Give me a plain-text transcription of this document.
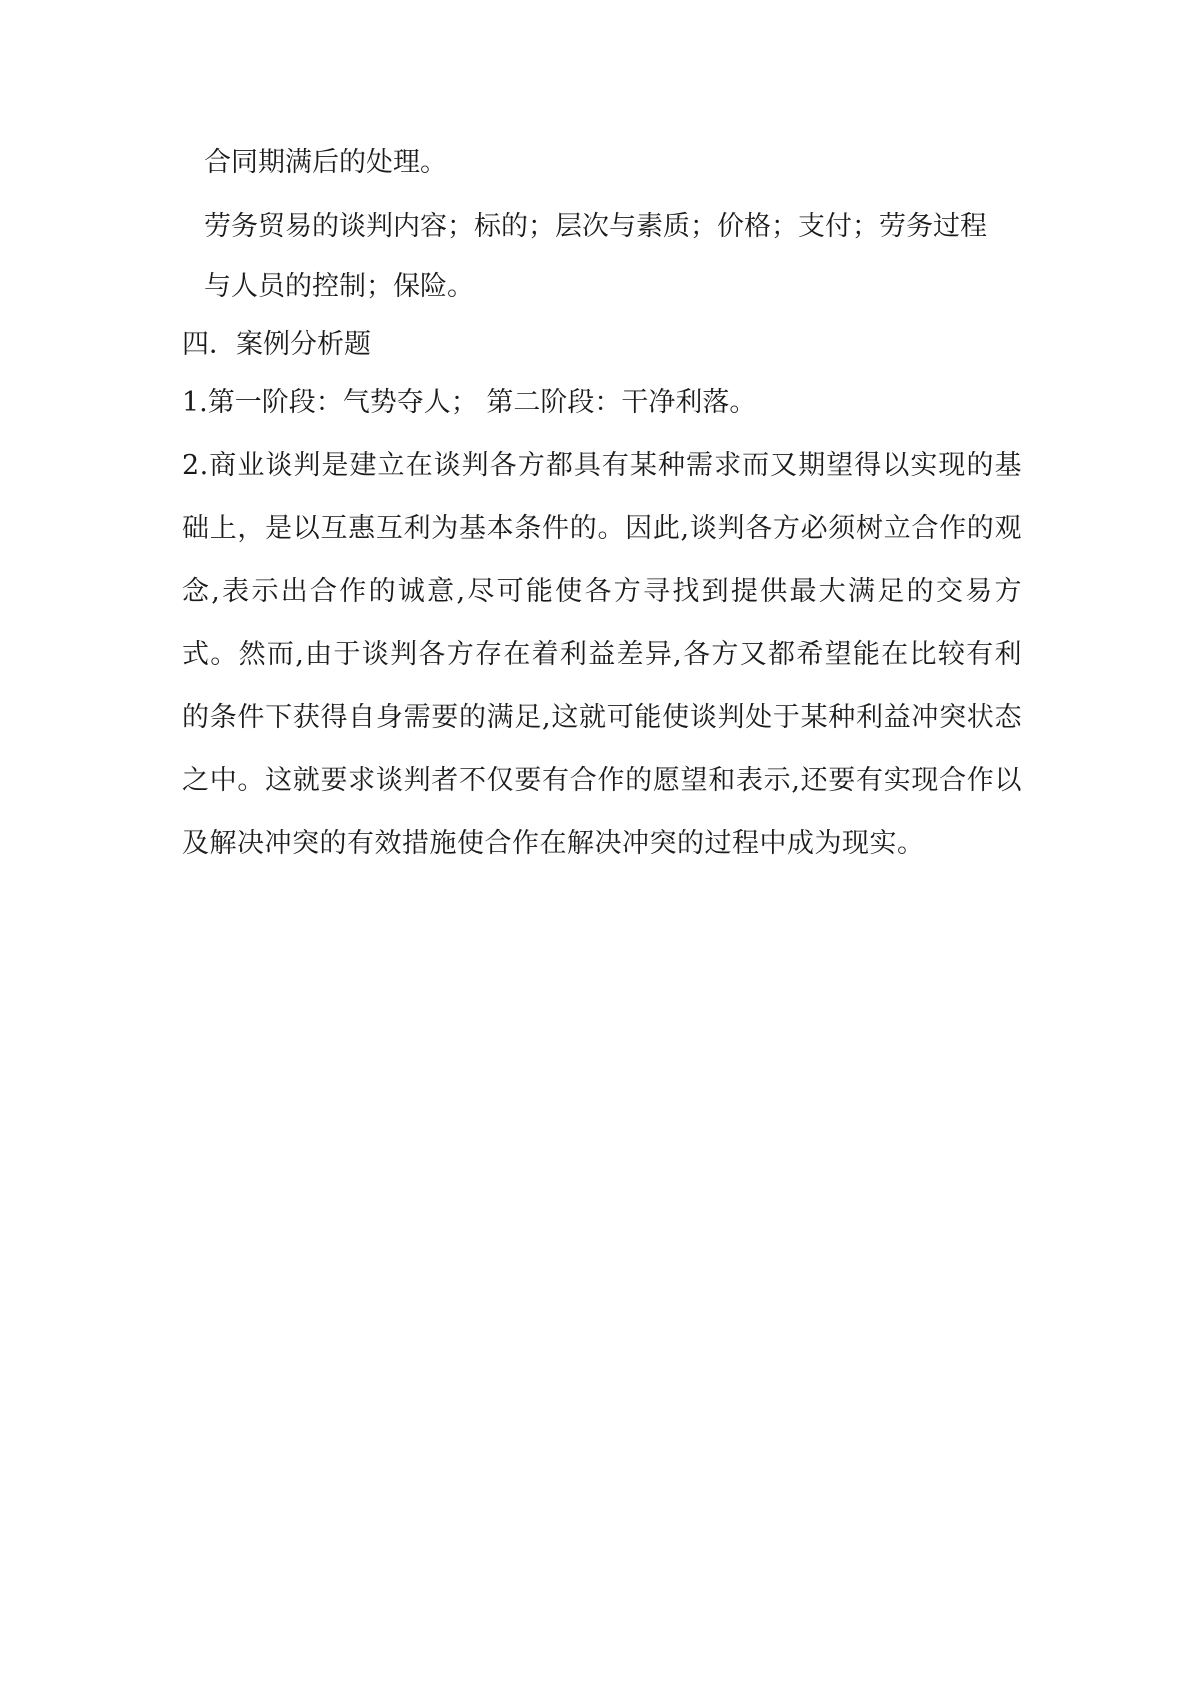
合同期满后的处理。

劳务贸易的谈判内容；标的；层次与素质；价格；支付；劳务过程

与人员的控制；保险。

四．案例分析题

1.第一阶段：气势夺人； 第二阶段：干净利落。

2.商业谈判是建立在谈判各方都具有某种需求而又期望得以实现的基础上，是以互惠互利为基本条件的。因此,谈判各方必须树立合作的观念,表示出合作的诚意,尽可能使各方寻找到提供最大满足的交易方式。然而,由于谈判各方存在着利益差异,各方又都希望能在比较有利的条件下获得自身需要的满足,这就可能使谈判处于某种利益冲突状态之中。这就要求谈判者不仅要有合作的愿望和表示,还要有实现合作以及解决冲突的有效措施使合作在解决冲突的过程中成为现实。
